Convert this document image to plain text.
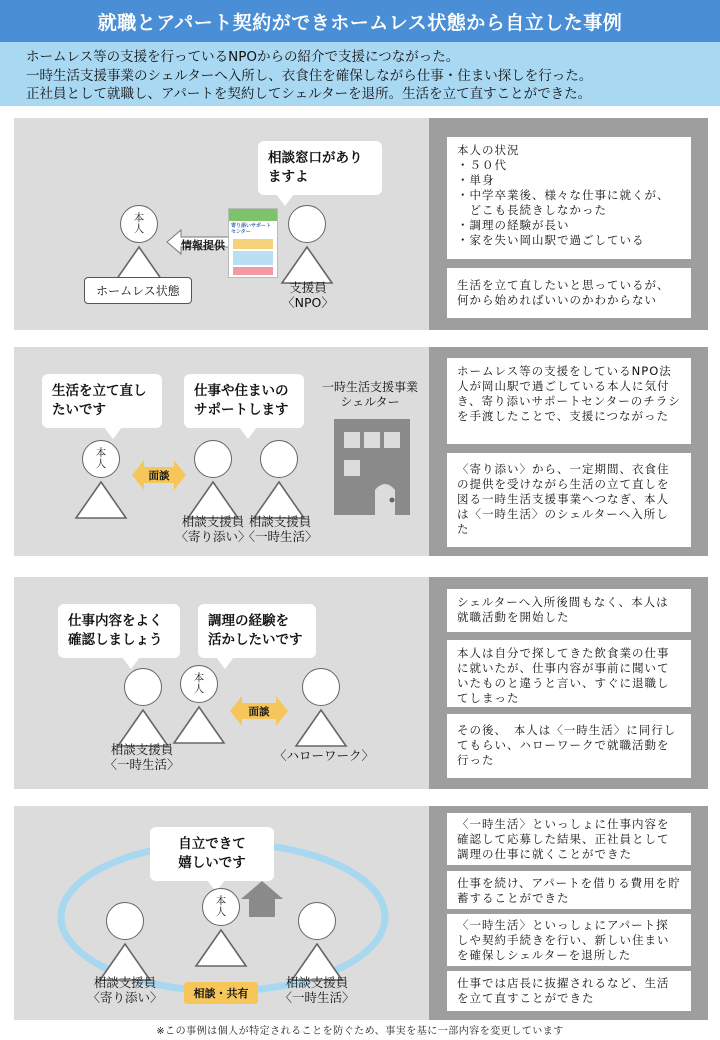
就職とアパート契約ができホームレス状態から自立した事例
ホームレス等の支援を行っているNPOからの紹介で支援につながった。
一時生活支援事業のシェルターへ入所し、衣食住を確保しながら仕事・住まい探しを行った。
正社員として就職し、アパートを契約してシェルターを退所。生活を立て直すことができた。
相談窓口があり
ますよ
本
人
情報提供
寄り添いサポートセンター
支援員
〈NPO〉
ホームレス状態
本人の状況
・５０代
・単身
・中学卒業後、様々な仕事に就くが、
　どこも長続きしなかった
・調理の経験が長い
・家を失い岡山駅で過ごしている
生活を立て直したいと思っているが、何から始めればいいのかわからない
生活を立て直し
たいです
仕事や住まいの
サポートします
一時生活支援事業
シェルター
本
人
面談
相談支援員
〈寄り添い〉
相談支援員
〈一時生活〉
ホームレス等の支援をしているNPO法人が岡山駅で過ごしている本人に気付き、寄り添いサポートセンターのチラシを手渡したことで、支援につながった
〈寄り添い〉から、一定期間、衣食住の提供を受けながら生活の立て直しを図る一時生活支援事業へつなぎ、本人は〈一時生活〉のシェルターへ入所した
仕事内容をよく
確認しましょう
調理の経験を
活かしたいです
本
人
面談
相談支援員
〈一時生活〉
〈ハローワーク〉
シェルターへ入所後間もなく、本人は就職活動を開始した
本人は自分で探してきた飲食業の仕事に就いたが、仕事内容が事前に聞いていたものと違うと言い、すぐに退職してしまった
その後、　本人は〈一時生活〉に同行してもらい、ハローワークで就職活動を行った
自立できて
嬉しいです
本
人
相談支援員
〈寄り添い〉
相談支援員
〈一時生活〉
相談・共有
〈一時生活〉といっしょに仕事内容を確認して応募した結果、正社員として調理の仕事に就くことができた
仕事を続け、アパートを借りる費用を貯蓄することができた
〈一時生活〉といっしょにアパート探しや契約手続きを行い、新しい住まいを確保しシェルターを退所した
仕事では店長に抜擢されるなど、生活を立て直すことができた
※この事例は個人が特定されることを防ぐため、事実を基に一部内容を変更しています
